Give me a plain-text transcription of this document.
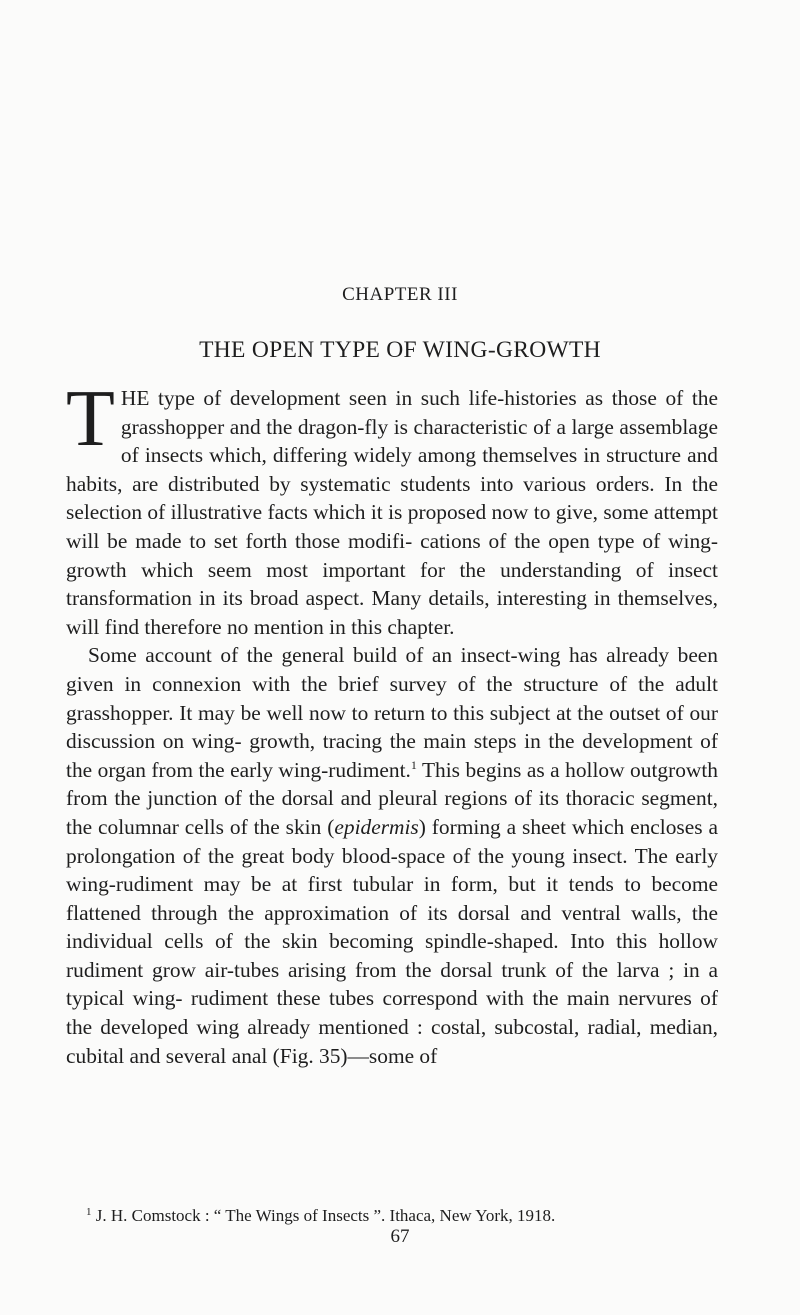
CHAPTER III
THE OPEN TYPE OF WING-GROWTH

THE type of development seen in such life-histories as those of the grasshopper and the dragon-fly is characteristic of a large assemblage of insects which, differing widely among themselves in structure and habits, are distributed by systematic students into various orders. In the selection of illustrative facts which it is proposed now to give, some attempt will be made to set forth those modifi- cations of the open type of wing-growth which seem most important for the understanding of insect transformation in its broad aspect. Many details, interesting in themselves, will find therefore no mention in this chapter.

Some account of the general build of an insect-wing has already been given in connexion with the brief survey of the structure of the adult grasshopper. It may be well now to return to this subject at the outset of our discussion on wing- growth, tracing the main steps in the development of the organ from the early wing-rudiment.$^1$ This begins as a hollow outgrowth from the junction of the dorsal and pleural regions of its thoracic segment, the columnar cells of the skin (epidermis) forming a sheet which encloses a prolongation of the great body blood-space of the young insect. The early wing-rudiment may be at first tubular in form, but it tends to become flattened through the approximation of its dorsal and ventral walls, the individual cells of the skin becoming spindle-shaped. Into this hollow rudiment grow air-tubes arising from the dorsal trunk of the larva ; in a typical wing- rudiment these tubes correspond with the main nervures of the developed wing already mentioned : costal, subcostal, radial, median, cubital and several anal (Fig. 35)—some of

$^1$ J. H. Comstock : “ The Wings of Insects ”. Ithaca, New York, 1918.

67
